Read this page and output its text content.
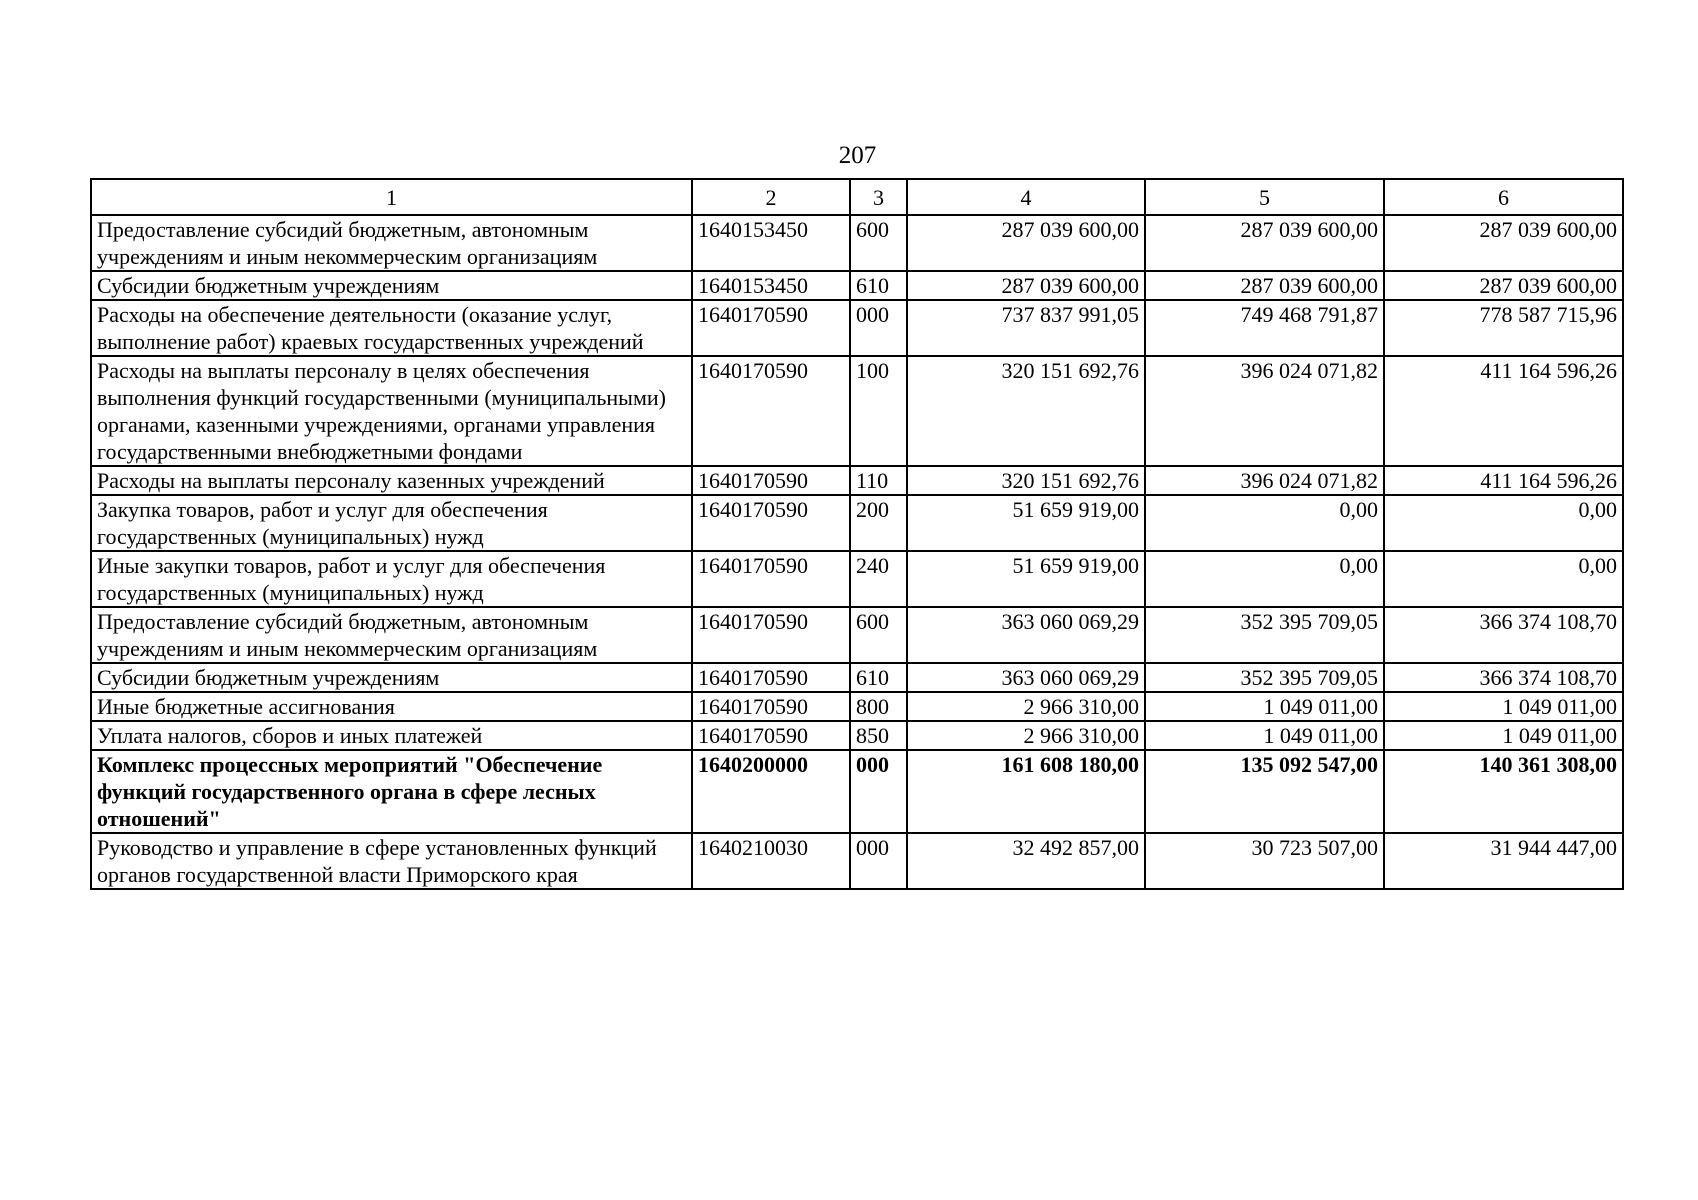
207
1	2	3	4	5	6
Предоставление субсидий бюджетным, автономным учреждениям и иным некоммерческим организациям	1640153450	600	287 039 600,00	287 039 600,00	287 039 600,00
Субсидии бюджетным учреждениям	1640153450	610	287 039 600,00	287 039 600,00	287 039 600,00
Расходы на обеспечение деятельности (оказание услуг, выполнение работ) краевых государственных учреждений	1640170590	000	737 837 991,05	749 468 791,87	778 587 715,96
Расходы на выплаты персоналу в целях обеспечения выполнения функций государственными (муниципальными) органами, казенными учреждениями, органами управления государственными внебюджетными фондами	1640170590	100	320 151 692,76	396 024 071,82	411 164 596,26
Расходы на выплаты персоналу казенных учреждений	1640170590	110	320 151 692,76	396 024 071,82	411 164 596,26
Закупка товаров, работ и услуг для обеспечения государственных (муниципальных) нужд	1640170590	200	51 659 919,00	0,00	0,00
Иные закупки товаров, работ и услуг для обеспечения государственных (муниципальных) нужд	1640170590	240	51 659 919,00	0,00	0,00
Предоставление субсидий бюджетным, автономным учреждениям и иным некоммерческим организациям	1640170590	600	363 060 069,29	352 395 709,05	366 374 108,70
Субсидии бюджетным учреждениям	1640170590	610	363 060 069,29	352 395 709,05	366 374 108,70
Иные бюджетные ассигнования	1640170590	800	2 966 310,00	1 049 011,00	1 049 011,00
Уплата налогов, сборов и иных платежей	1640170590	850	2 966 310,00	1 049 011,00	1 049 011,00
Комплекс процессных мероприятий "Обеспечение функций государственного органа в сфере лесных отношений"	1640200000	000	161 608 180,00	135 092 547,00	140 361 308,00
Руководство и управление в сфере установленных функций органов государственной власти Приморского края	1640210030	000	32 492 857,00	30 723 507,00	31 944 447,00
